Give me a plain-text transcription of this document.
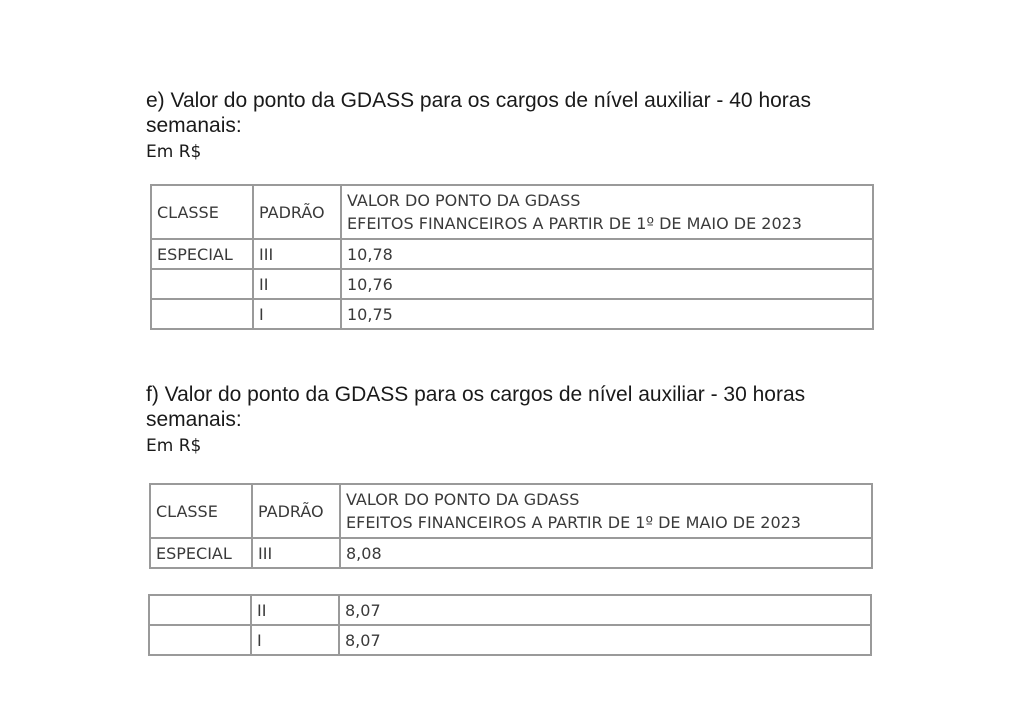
e) Valor do ponto da GDASS para os cargos de nível auxiliar - 40 horas semanais:

Em R$

CLASSE	PADRÃO	VALOR DO PONTO DA GDASS
EFEITOS FINANCEIROS A PARTIR DE 1º DE MAIO DE 2023

ESPECIAL	III	10,78
	II	10,76
	I	10,75

f) Valor do ponto da GDASS para os cargos de nível auxiliar - 30 horas semanais:

Em R$

CLASSE	PADRÃO	VALOR DO PONTO DA GDASS
EFEITOS FINANCEIROS A PARTIR DE 1º DE MAIO DE 2023

ESPECIAL	III	8,08
	II	8,07
	I	8,07
